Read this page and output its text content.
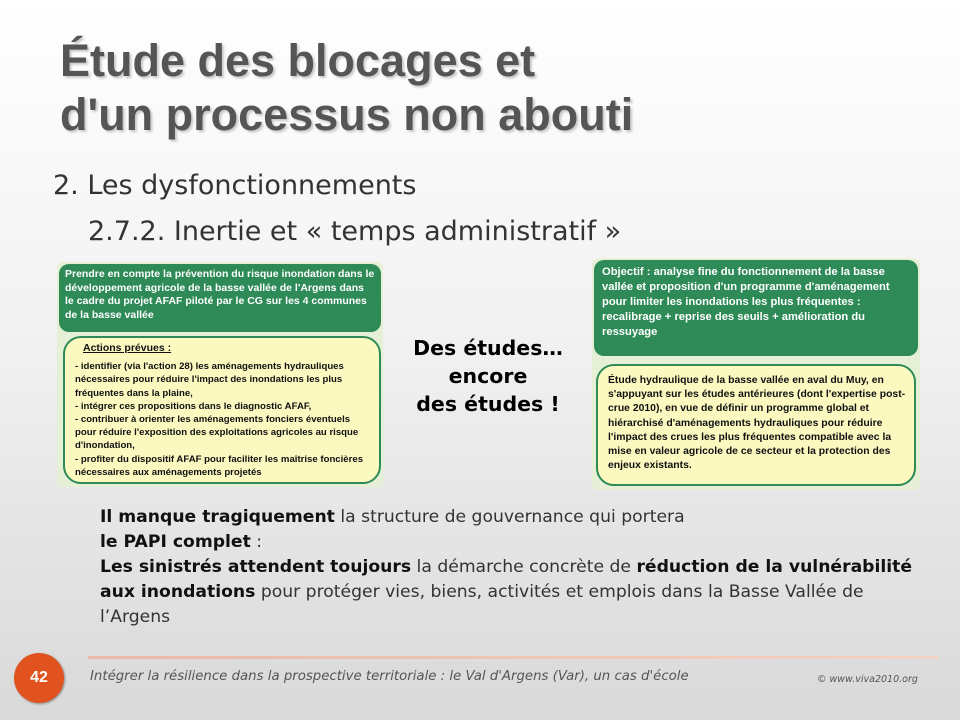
Étude des blocages et
d'un processus non abouti
2. Les dysfonctionnements
2.7.2. Inertie et « temps administratif »
Prendre en compte la prévention du risque inondation dans le développement agricole de la basse vallée de l'Argens dans le cadre du projet AFAF piloté par le CG sur les 4 communes de la basse vallée
Actions prévues :
- identifier (via l'action 28) les aménagements hydrauliques nécessaires pour réduire l'impact des inondations les plus fréquentes dans la plaine,
- intégrer ces propositions dans le diagnostic AFAF,
- contribuer à orienter les aménagements fonciers éventuels pour réduire l'exposition des exploitations agricoles au risque d'inondation,
- profiter du dispositif AFAF pour faciliter les maîtrise foncières nécessaires aux aménagements projetés
Des études…
encore
des études !
Objectif : analyse fine du fonctionnement de la basse vallée et proposition d'un programme d'aménagement pour limiter les inondations les plus fréquentes : recalibrage + reprise des seuils + amélioration du ressuyage
Étude hydraulique de la basse vallée en aval du Muy, en s'appuyant sur les études antérieures (dont l'expertise post-crue 2010), en vue de définir un programme global et hiérarchisé d'aménagements hydrauliques pour réduire l'impact des crues les plus fréquentes compatible avec la mise en valeur agricole de ce secteur et la protection des enjeux existants.
Il manque tragiquement la structure de gouvernance qui portera
le PAPI complet :
Les sinistrés attendent toujours la démarche concrète de réduction de la vulnérabilité aux inondations pour protéger vies, biens, activités et emplois dans la Basse Vallée de l’Argens
42	Intégrer la résilience dans la prospective territoriale : le Val d'Argens (Var), un cas d'école	© www.viva2010.org
